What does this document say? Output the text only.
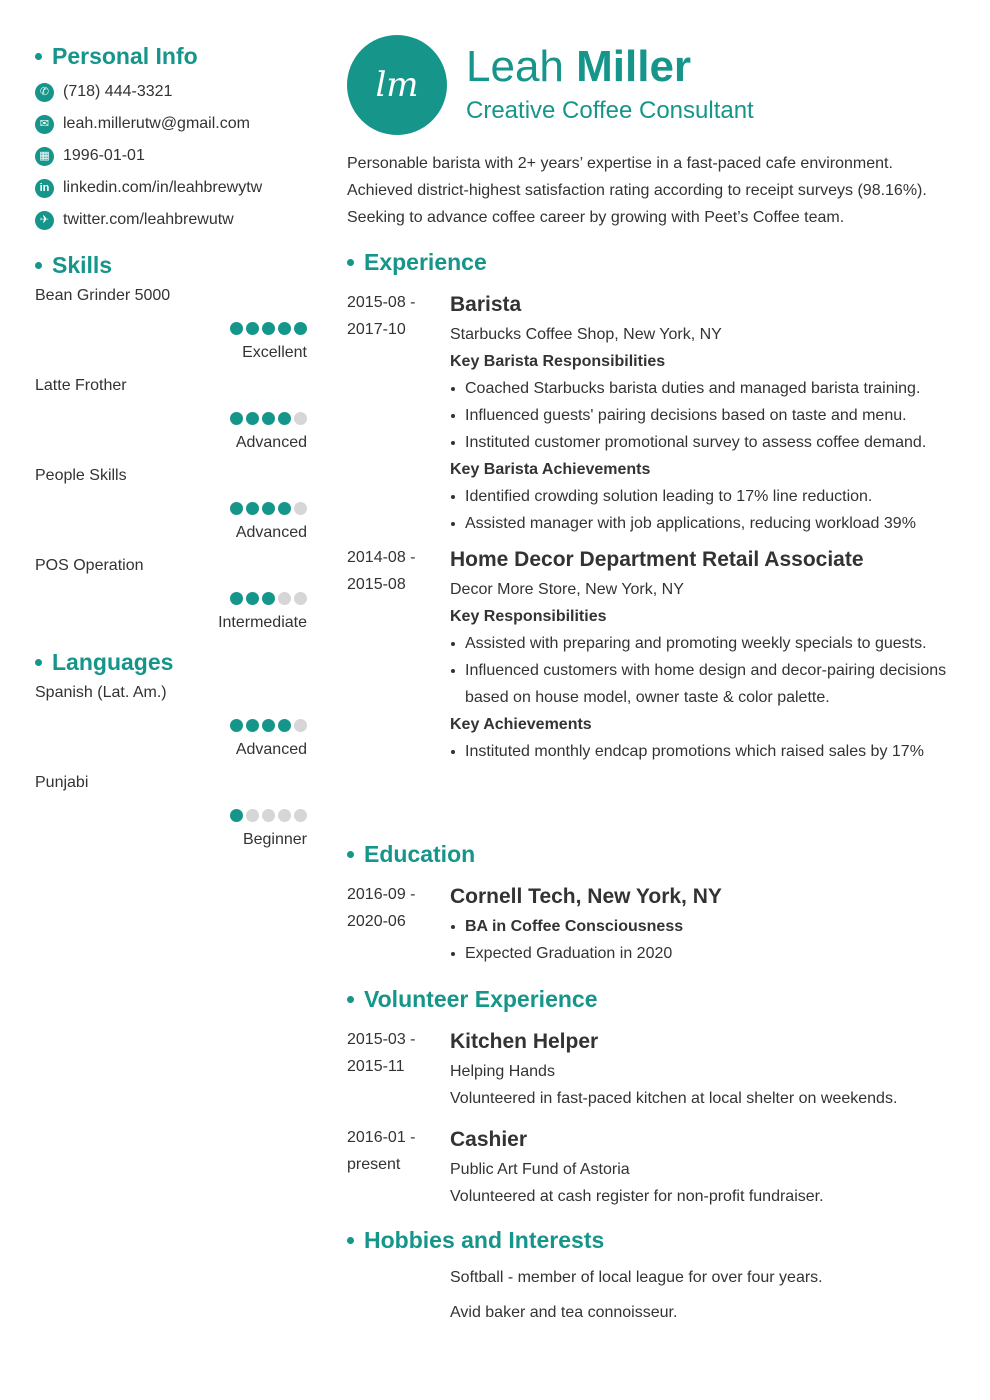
Personal Info
✆ (718) 444-3321
✉ leah.millerutw@gmail.com
▦ 1996-01-01
in linkedin.com/in/leahbrewytw
✈ twitter.com/leahbrewutw
Skills
Bean Grinder 5000
Excellent
Latte Frother
Advanced
People Skills
Advanced
POS Operation
Intermediate
Languages
Spanish (Lat. Am.)
Advanced
Punjabi
Beginner
lm	Leah Miller
Creative Coffee Consultant
Personable barista with 2+ years’ expertise in a fast-paced cafe environment. Achieved district-highest satisfaction rating according to receipt surveys (98.16%). Seeking to advance coffee career by growing with Peet’s Coffee team.
Experience
2015-08 -
2017-10
Barista
Starbucks Coffee Shop, New York, NY
Key Barista Responsibilities
Coached Starbucks barista duties and managed barista training.
Influenced guests' pairing decisions based on taste and menu.
Instituted customer promotional survey to assess coffee demand.
Key Barista Achievements
Identified crowding solution leading to 17% line reduction.
Assisted manager with job applications, reducing workload 39%
2014-08 -
2015-08
Home Decor Department Retail Associate
Decor More Store, New York, NY
Key Responsibilities
Assisted with preparing and promoting weekly specials to guests.
Influenced customers with home design and decor-pairing decisions based on house model, owner taste & color palette.
Key Achievements
Instituted monthly endcap promotions which raised sales by 17%
Education
2016-09 -
2020-06
Cornell Tech, New York, NY
BA in Coffee Consciousness
Expected Graduation in 2020
Volunteer Experience
2015-03 -
2015-11
Kitchen Helper
Helping Hands
Volunteered in fast-paced kitchen at local shelter on weekends.
2016-01 -
present
Cashier
Public Art Fund of Astoria
Volunteered at cash register for non-profit fundraiser.
Hobbies and Interests
Softball - member of local league for over four years.
Avid baker and tea connoisseur.
